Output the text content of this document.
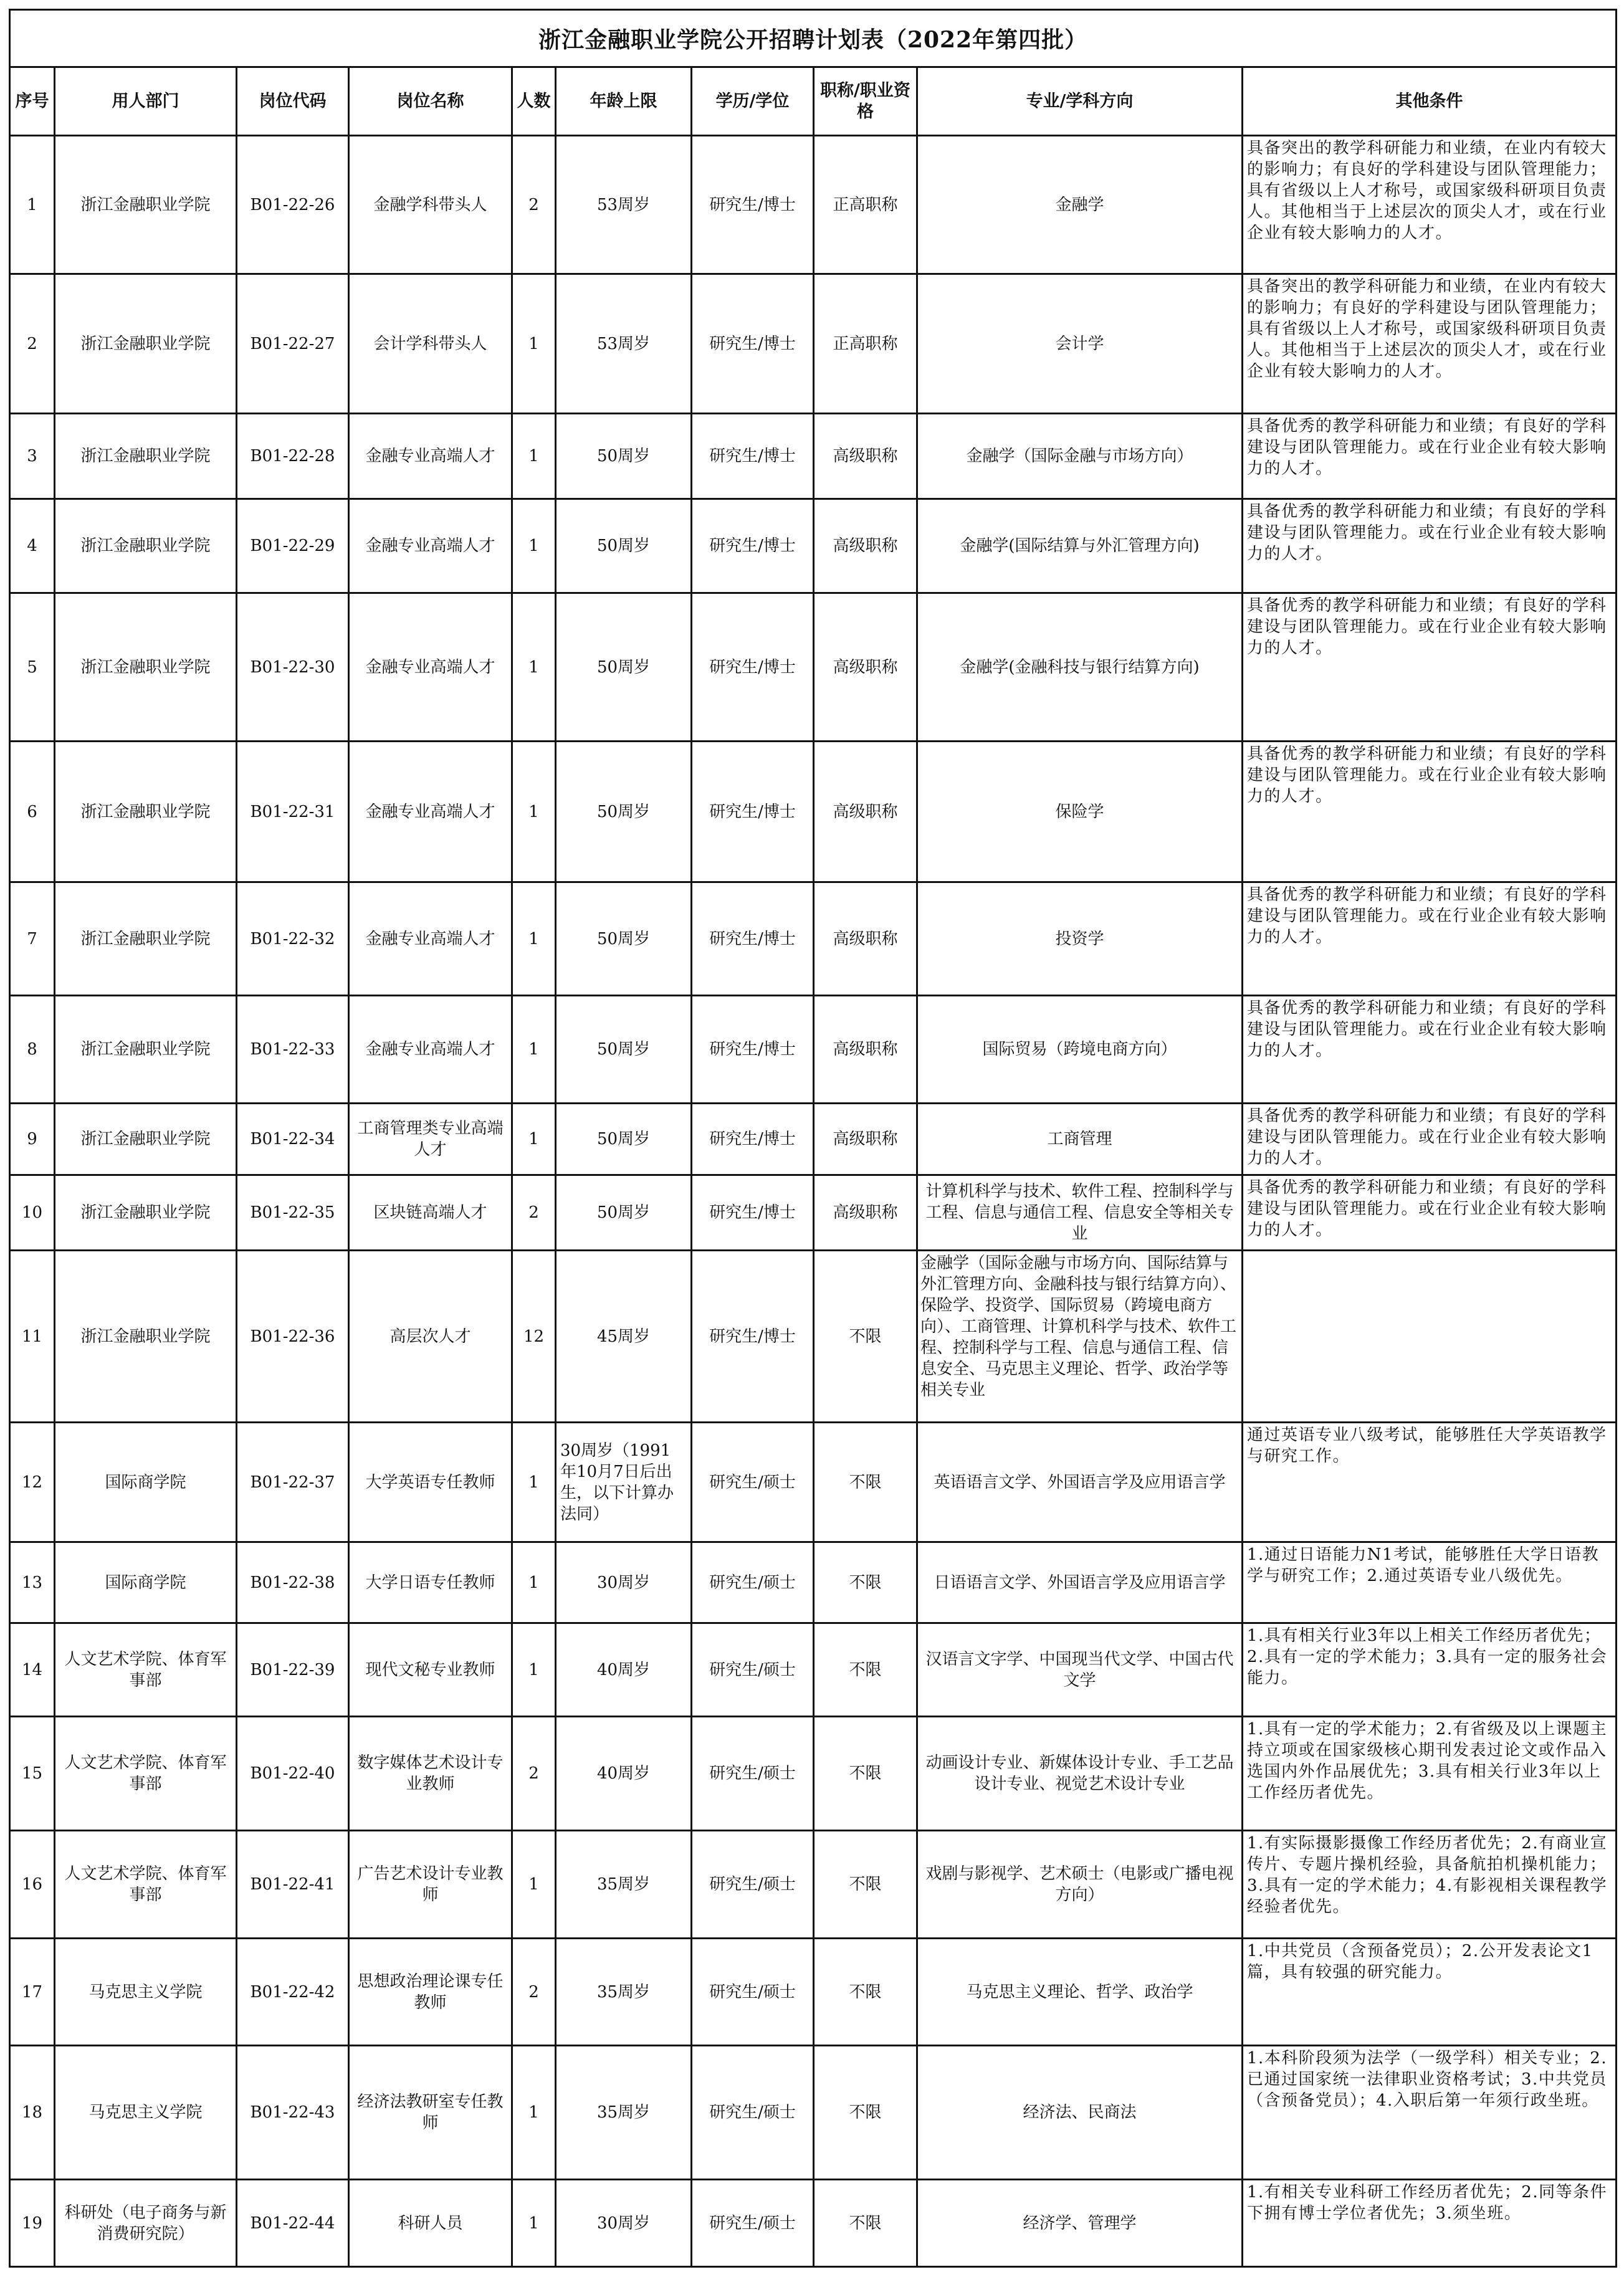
浙江金融职业学院公开招聘计划表（2022年第四批）									
序号	用人部门	岗位代码	岗位名称	人数	年龄上限	学历/学位	职称/职业资格	专业/学科方向	其他条件
1	浙江金融职业学院	B01-22-26	金融学科带头人	2	53周岁	研究生/博士	正高职称	金融学	具备突出的教学科研能力和业绩，在业内有较大的影响力；有良好的学科建设与团队管理能力；具有省级以上人才称号，或国家级科研项目负责人。其他相当于上述层次的顶尖人才，或在行业企业有较大影响力的人才。
2	浙江金融职业学院	B01-22-27	会计学科带头人	1	53周岁	研究生/博士	正高职称	会计学	具备突出的教学科研能力和业绩，在业内有较大的影响力；有良好的学科建设与团队管理能力；具有省级以上人才称号，或国家级科研项目负责人。其他相当于上述层次的顶尖人才，或在行业企业有较大影响力的人才。
3	浙江金融职业学院	B01-22-28	金融专业高端人才	1	50周岁	研究生/博士	高级职称	金融学（国际金融与市场方向）	具备优秀的教学科研能力和业绩；有良好的学科建设与团队管理能力。或在行业企业有较大影响力的人才。
4	浙江金融职业学院	B01-22-29	金融专业高端人才	1	50周岁	研究生/博士	高级职称	金融学(国际结算与外汇管理方向)	具备优秀的教学科研能力和业绩；有良好的学科建设与团队管理能力。或在行业企业有较大影响力的人才。
5	浙江金融职业学院	B01-22-30	金融专业高端人才	1	50周岁	研究生/博士	高级职称	金融学(金融科技与银行结算方向)	具备优秀的教学科研能力和业绩；有良好的学科建设与团队管理能力。或在行业企业有较大影响力的人才。
6	浙江金融职业学院	B01-22-31	金融专业高端人才	1	50周岁	研究生/博士	高级职称	保险学	具备优秀的教学科研能力和业绩；有良好的学科建设与团队管理能力。或在行业企业有较大影响力的人才。
7	浙江金融职业学院	B01-22-32	金融专业高端人才	1	50周岁	研究生/博士	高级职称	投资学	具备优秀的教学科研能力和业绩；有良好的学科建设与团队管理能力。或在行业企业有较大影响力的人才。
8	浙江金融职业学院	B01-22-33	金融专业高端人才	1	50周岁	研究生/博士	高级职称	国际贸易（跨境电商方向）	具备优秀的教学科研能力和业绩；有良好的学科建设与团队管理能力。或在行业企业有较大影响力的人才。
9	浙江金融职业学院	B01-22-34	工商管理类专业高端人才	1	50周岁	研究生/博士	高级职称	工商管理	具备优秀的教学科研能力和业绩；有良好的学科建设与团队管理能力。或在行业企业有较大影响力的人才。
10	浙江金融职业学院	B01-22-35	区块链高端人才	2	50周岁	研究生/博士	高级职称	计算机科学与技术、软件工程、控制科学与工程、信息与通信工程、信息安全等相关专业	具备优秀的教学科研能力和业绩；有良好的学科建设与团队管理能力。或在行业企业有较大影响力的人才。
11	浙江金融职业学院	B01-22-36	高层次人才	12	45周岁	研究生/博士	不限	金融学（国际金融与市场方向、国际结算与外汇管理方向、金融科技与银行结算方向）、保险学、投资学、国际贸易（跨境电商方向）、工商管理、计算机科学与技术、软件工程、控制科学与工程、信息与通信工程、信息安全、马克思主义理论、哲学、政治学等相关专业	
12	国际商学院	B01-22-37	大学英语专任教师	1	30周岁（1991年10月7日后出生，以下计算办法同）	研究生/硕士	不限	英语语言文学、外国语言学及应用语言学	通过英语专业八级考试，能够胜任大学英语教学与研究工作。
13	国际商学院	B01-22-38	大学日语专任教师	1	30周岁	研究生/硕士	不限	日语语言文学、外国语言学及应用语言学	1.通过日语能力N1考试，能够胜任大学日语教学与研究工作；2.通过英语专业八级优先。
14	人文艺术学院、体育军事部	B01-22-39	现代文秘专业教师	1	40周岁	研究生/硕士	不限	汉语言文字学、中国现当代文学、中国古代文学	1.具有相关行业3年以上相关工作经历者优先；2.具有一定的学术能力；3.具有一定的服务社会能力。
15	人文艺术学院、体育军事部	B01-22-40	数字媒体艺术设计专业教师	2	40周岁	研究生/硕士	不限	动画设计专业、新媒体设计专业、手工艺品设计专业、视觉艺术设计专业	1.具有一定的学术能力；2.有省级及以上课题主持立项或在国家级核心期刊发表过论文或作品入选国内外作品展优先；3.具有相关行业3年以上工作经历者优先。
16	人文艺术学院、体育军事部	B01-22-41	广告艺术设计专业教师	1	35周岁	研究生/硕士	不限	戏剧与影视学、艺术硕士（电影或广播电视方向）	1.有实际摄影摄像工作经历者优先；2.有商业宣传片、专题片操机经验，具备航拍机操机能力；3.具有一定的学术能力；4.有影视相关课程教学经验者优先。
17	马克思主义学院	B01-22-42	思想政治理论课专任教师	2	35周岁	研究生/硕士	不限	马克思主义理论、哲学、政治学	1.中共党员（含预备党员）；2.公开发表论文1篇，具有较强的研究能力。
18	马克思主义学院	B01-22-43	经济法教研室专任教师	1	35周岁	研究生/硕士	不限	经济法、民商法	1.本科阶段须为法学（一级学科）相关专业；2.已通过国家统一法律职业资格考试；3.中共党员（含预备党员）；4.入职后第一年须行政坐班。
19	科研处（电子商务与新消费研究院）	B01-22-44	科研人员	1	30周岁	研究生/硕士	不限	经济学、管理学	1.有相关专业科研工作经历者优先；2.同等条件下拥有博士学位者优先；3.须坐班。
